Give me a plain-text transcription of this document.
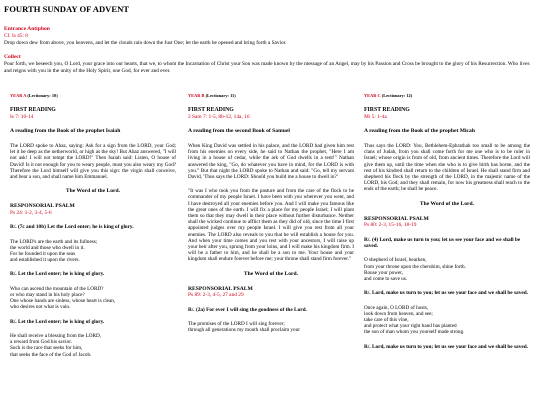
FOURTH SUNDAY OF ADVENT
Entrance Antiphon
Cf. Is 45: 8

Drop down dew from above, you heavens, and let the clouds rain down the Just One; let the earth be opened and bring forth a Savior.

Collect

Pour forth, we beseech you, O Lord, your grace into our hearts, that we, to whom the Incarnation of Christ your Son was made known by the message of an Angel, may by his Passion and Cross be brought to the glory of his Resurrection. Who lives and reigns with you in the unity of the Holy Spirit, one God, for ever and ever.

YEAR A (Lectionary: 10)
FIRST READING
Is 7: 10-14
A reading from the Book of the prophet Isaiah

The LORD spoke to Ahaz, saying: Ask for a sign from the LORD, your God; let it be deep as the netherworld, or high as the sky! But Ahaz answered, "I will not ask! I will not tempt the LORD!" Then Isaiah said: Listen, O house of David! Is it not enough for you to weary people, must you also weary my God? Therefore the Lord himself will give you this sign: the virgin shall conceive, and bear a son, and shall name him Emmanuel.

The Word of the Lord.
RESPONSORIAL PSALM
Ps 24: 1-2, 3-4, 5-6

R/. (7c and 10b) Let the Lord enter; he is king of glory.

The LORD's are the earth and its fullness;
the world and those who dwell in it.
For he founded it upon the seas
and established it upon the rivers.

R/. Let the Lord enter; he is king of glory.

Who can ascend the mountain of the LORD?
or who may stand in his holy place?
One whose hands are sinless, whose heart is clean,
who desires not what is vain.

R/. Let the Lord enter; he is king of glory.

He shall receive a blessing from the LORD,
a reward from God his savior.
Such is the race that seeks for him,
that seeks the face of the God of Jacob.

YEAR B (Lectionary: 11)
FIRST READING
2 Sam 7: 1-5, 8b-12, 14a, 16
A reading from the second Book of Samuel

When King David was settled in his palace, and the LORD had given him rest from his enemies on every side, he said to Nathan the prophet, "Here I am living in a house of cedar, while the ark of God dwells in a tent!" Nathan answered the king, "Go, do whatever you have in mind, for the LORD is with you." But that night the LORD spoke to Nathan and said: "Go, tell my servant David, 'Thus says the LORD: Should you build me a house to dwell in?'

"It was I who took you from the pasture and from the care of the flock to be commander of my people Israel. I have been with you wherever you went, and I have destroyed all your enemies before you. And I will make you famous like the great ones of the earth. I will fix a place for my people Israel; I will plant them so that they may dwell in their place without further disturbance. Neither shall the wicked continue to afflict them as they did of old, since the time I first appointed judges over my people Israel. I will give you rest from all your enemies. The LORD also reveals to you that he will establish a house for you. And when your time comes and you rest with your ancestors, I will raise up your heir after you, sprung from your loins, and I will make his kingdom firm. I will be a father to him, and he shall be a son to me. Your house and your kingdom shall endure forever before me; your throne shall stand firm forever."

The Word of the Lord.
RESPONSORIAL PSALM
Ps 89: 2-3, 4-5, 27 and 29

R/. (2a) For ever I will sing the goodness of the Lord.

The promises of the LORD I will sing forever;
through all generations my mouth shall proclaim your

YEAR C (Lectionary: 12)
FIRST READING
Mi 5: 1-4a
A reading from the Book of the prophet Micah

Thus says the LORD: You, Bethlehem-Ephrathah too small to be among the clans of Judah, from you shall come forth for me one who is to be ruler in Israel; whose origin is from of old, from ancient times. Therefore the Lord will give them up, until the time when she who is to give birth has borne, and the rest of his kindred shall return to the children of Israel. He shall stand firm and shepherd his flock by the strength of the LORD, in the majestic name of the LORD, his God; and they shall remain, for now his greatness shall reach to the ends of the earth; he shall be peace.

The Word of the Lord.
RESPONSORIAL PSALM
Ps 80: 2-3, 15-16, 18-19

R/. (4) Lord, make us turn to you; let us see your face and we shall be saved.

O shepherd of Israel, hearken,
from your throne upon the cherubim, shine forth.
Rouse your power,
and come to save us.

R/. Lord, make us turn to you; let us see your face and we shall be saved.

Once again, O LORD of hosts,
look down from heaven, and see;
take care of this vine,
and protect what your right hand has planted
the son of man whom you yourself made strong.

R/. Lord, make us turn to you; let us see your face and we shall be saved.
